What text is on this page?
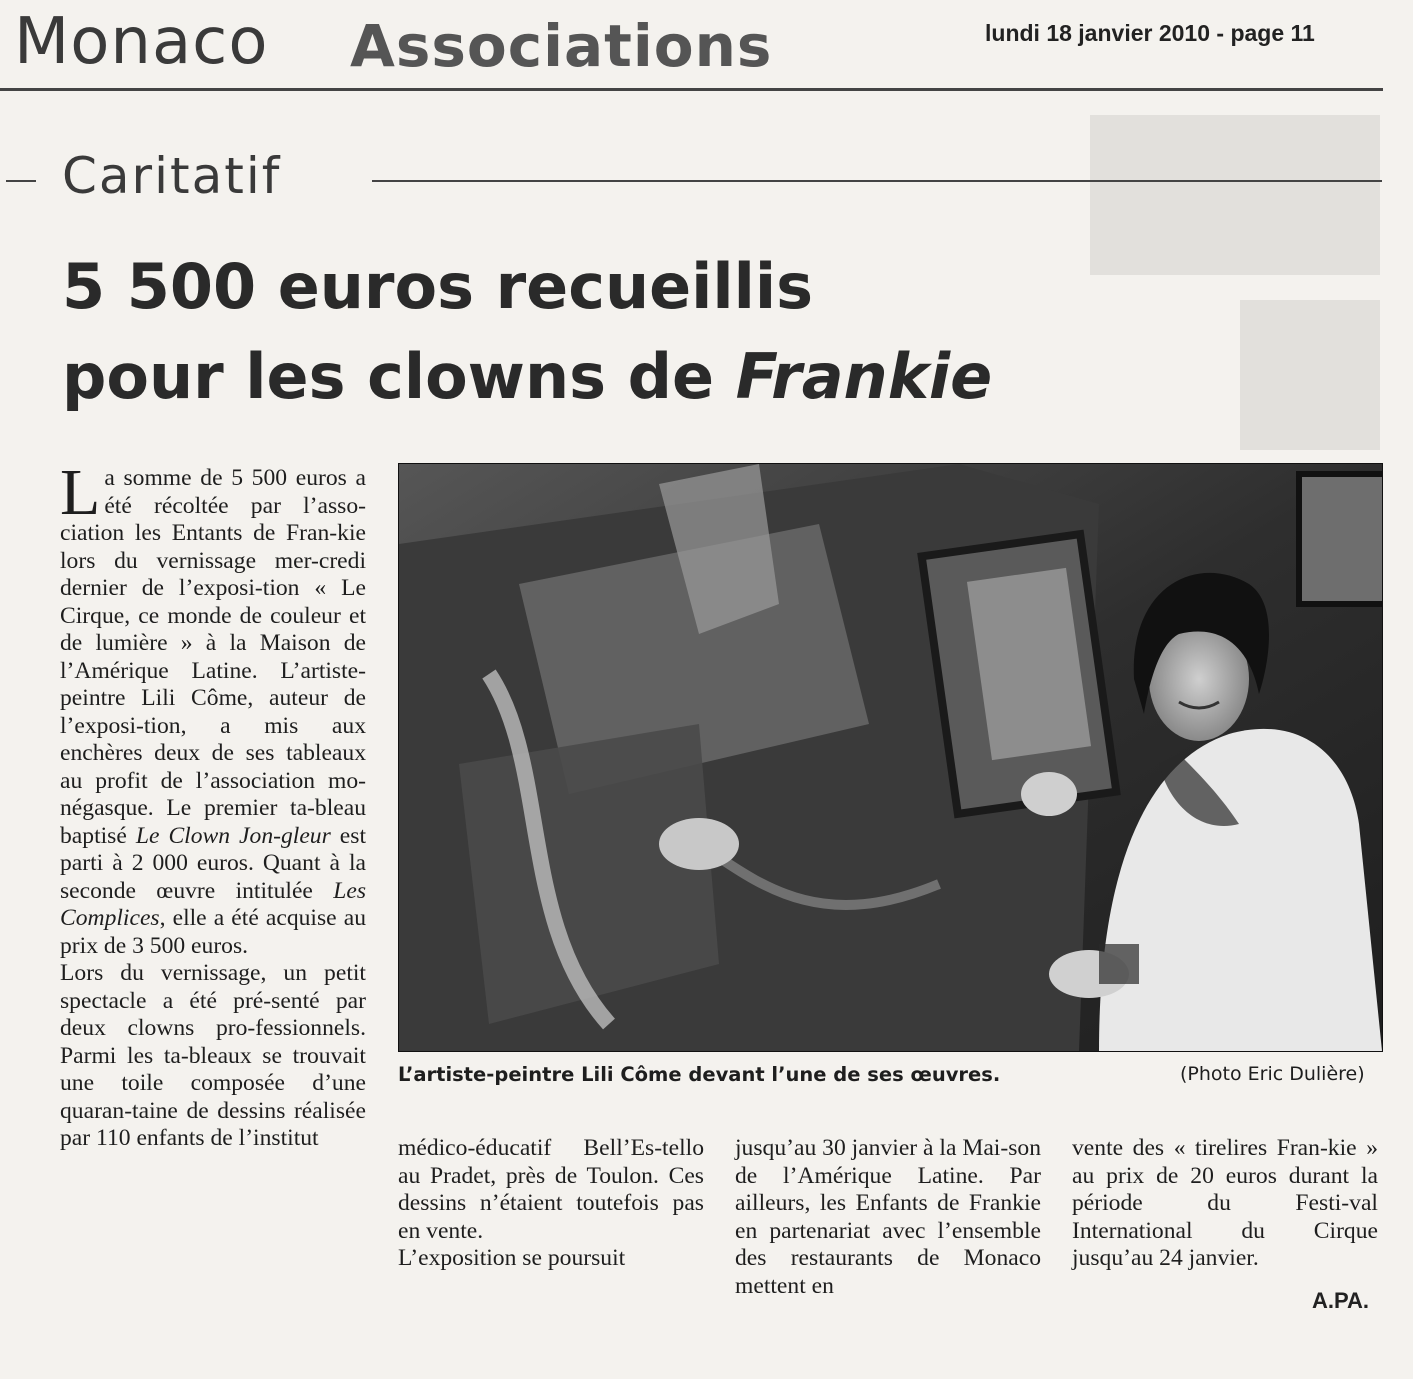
Monaco Associations	lundi 18 janvier 2010 - page 11
Caritatif
5 500 euros recueillis
pour les clowns de Frankie

La somme de 5 500 euros a été récoltée par l’asso-ciation les Entants de Fran-kie lors du vernissage mer-credi dernier de l’exposi-tion « Le Cirque, ce monde de couleur et de lumière » à la Maison de l’Amérique Latine. L’artiste-peintre Lili Côme, auteur de l’exposi-tion, a mis aux enchères deux de ses tableaux au profit de l’association mo-négasque. Le premier ta-bleau baptisé Le Clown Jon-gleur est parti à 2 000 euros. Quant à la seconde œuvre intitulée Les Complices, elle a été acquise au prix de 3 500 euros.

Lors du vernissage, un petit spectacle a été pré-senté par deux clowns pro-fessionnels. Parmi les ta-bleaux se trouvait une toile composée d’une quaran-taine de dessins réalisée par 110 enfants de l’institut

L’artiste-peintre Lili Côme devant l’une de ses œuvres.	(Photo Eric Dulière)

médico-éducatif Bell’Es-tello au Pradet, près de Toulon. Ces dessins n’étaient toutefois pas en vente.

L’exposition se poursuit

jusqu’au 30 janvier à la Mai-son de l’Amérique Latine. Par ailleurs, les Enfants de Frankie en partenariat avec l’ensemble des restaurants de Monaco mettent en

vente des « tirelires Fran-kie » au prix de 20 euros durant la période du Festi-val International du Cirque jusqu’au 24 janvier.

A.PA.
